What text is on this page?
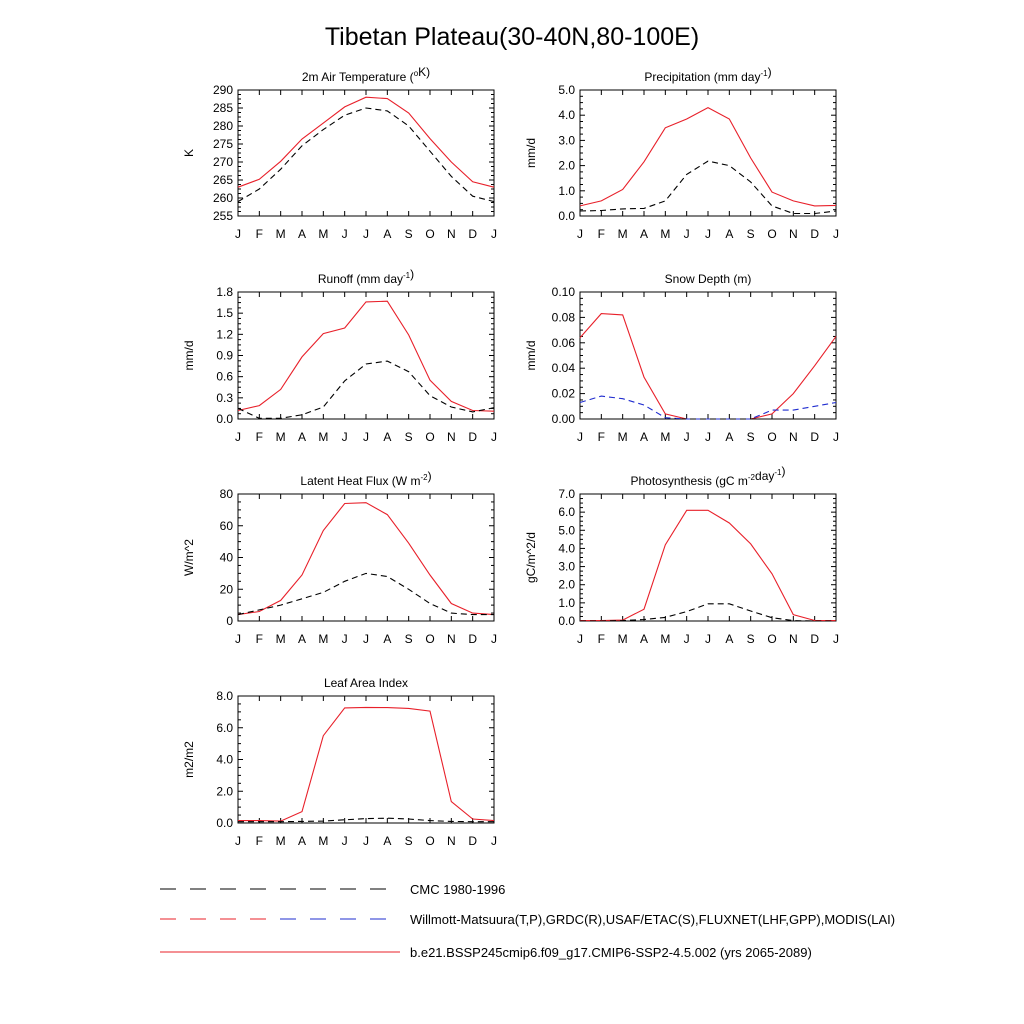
Tibetan Plateau(30-40N,80-100E)
2m Air Temperature ($^o$K)
K
255
260
265
270
275
280
285
290
J F M A M J J A S O N D J
Precipitation (mm day$^{-1}$)
mm/d
0.0
1.0
2.0
3.0
4.0
5.0
J F M A M J J A S O N D J
Runoff (mm day$^{-1}$)
mm/d
0.0
0.3
0.6
0.9
1.2
1.5
1.8
J F M A M J J A S O N D J
Snow Depth (m)
mm/d
0.00
0.02
0.04
0.06
0.08
0.10
J F M A M J J A S O N D J
Latent Heat Flux (W $m^{-2}$)
W/m^2
0
20
40
60
80
J F M A M J J A S O N D J
Photosynthesis (gC $m^{-2}day^{-1}$)
gC/m^2/d
0.0
1.0
2.0
3.0
4.0
5.0
6.0
7.0
J F M A M J J A S O N D J
Leaf Area Index
m2/m2
0.0
2.0
4.0
6.0
8.0
J F M A M J J A S O N D J
CMC 1980-1996
Willmott-Matsuura(T,P),GRDC(R),USAF/ETAC(S),FLUXNET(LHF,GPP),MODIS(LAI)
b.e21.BSSP245cmip6.f09_g17.CMIP6-SSP2-4.5.002 (yrs 2065-2089)
